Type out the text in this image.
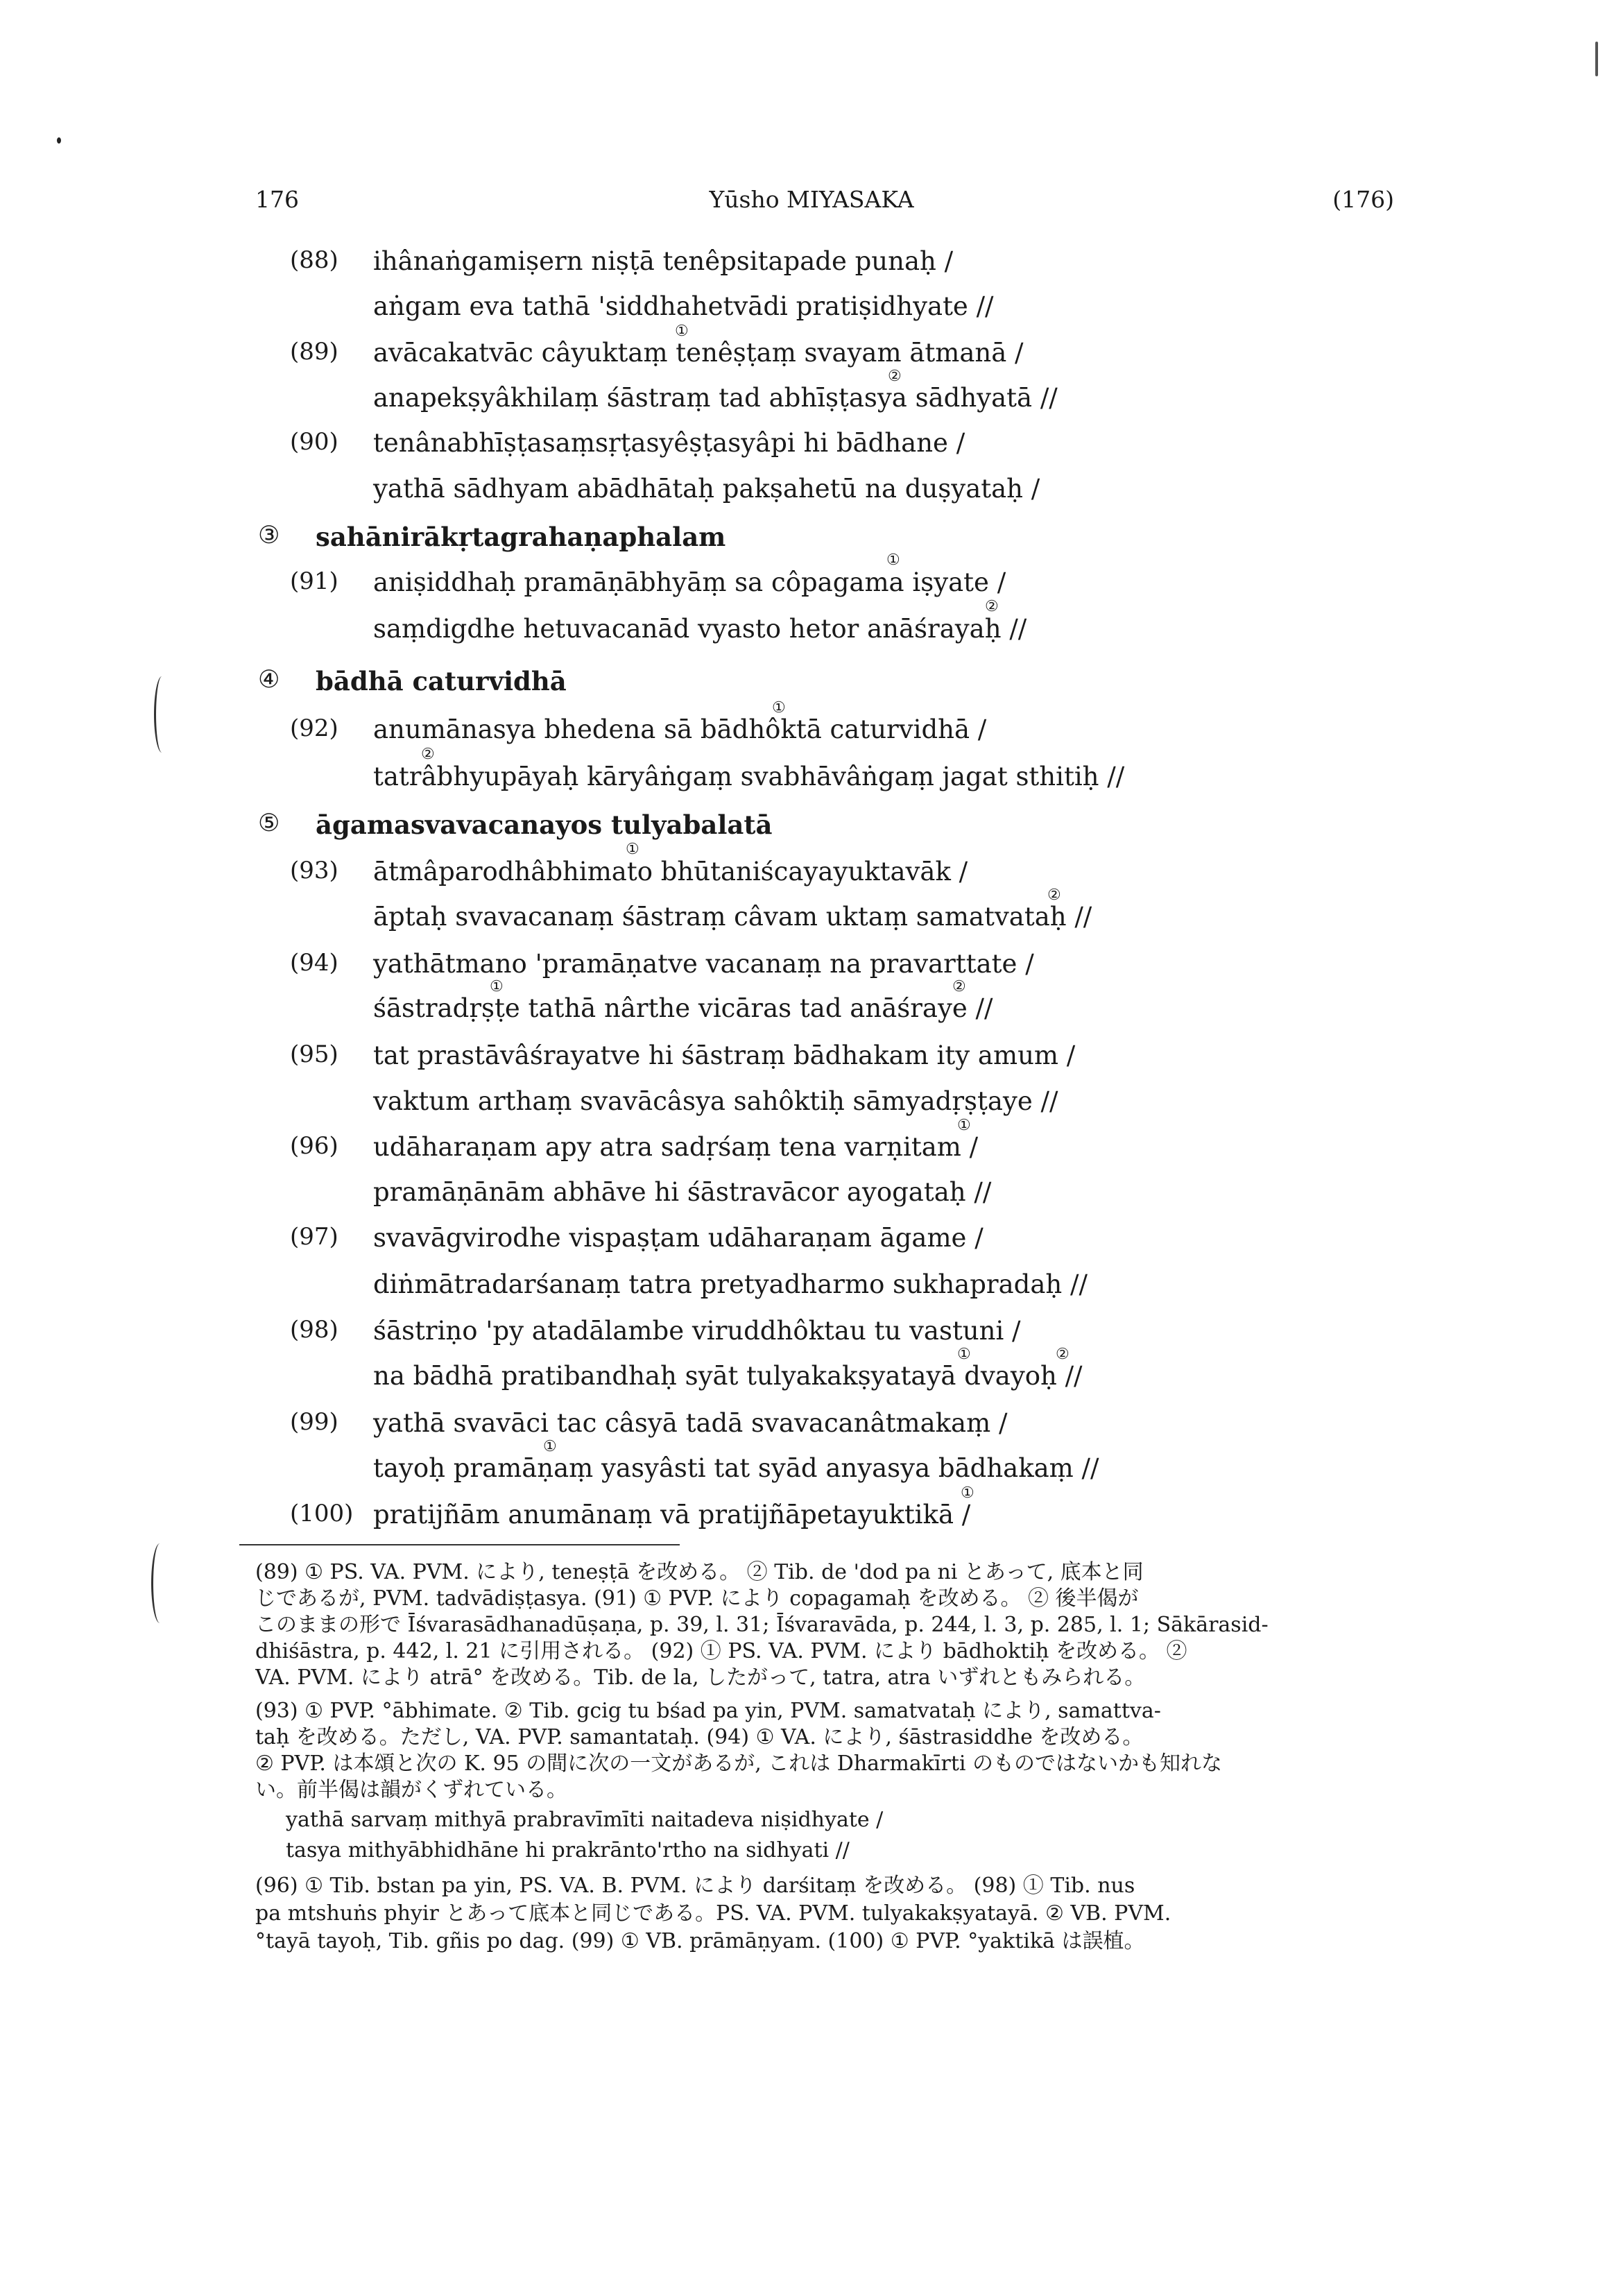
176	Yūsho MIYASAKA	(176)
(88) ihânaṅgamiṣern niṣṭā tenêpsitapade punaḥ /
aṅgam eva tathā 'siddhahetvādi pratiṣidhyate //
①
(89) avācakatvāc câyuktaṃ tenêṣṭaṃ svayam ātmanā /
②
anapekṣyâkhilaṃ śāstraṃ tad abhīṣṭasya sādhyatā //
(90) tenânabhīṣṭasaṃsṛṭasyêṣṭasyâpi hi bādhane /
yathā sādhyam abādhātaḥ pakṣahetū na duṣyataḥ /
③ sahānirākṛtagrahaṇaphalam
①
(91) aniṣiddhaḥ pramāṇābhyāṃ sa côpagama iṣyate /
②
saṃdigdhe hetuvacanād vyasto hetor anāśrayaḥ //
④ bādhā caturvidhā
①
(92) anumānasya bhedena sā bādhôktā caturvidhā /
②
tatrâbhyupāyaḥ kāryâṅgaṃ svabhāvâṅgaṃ jagat sthitiḥ //
⑤ āgamasvavacanayos tulyabalatā
①
(93) ātmâparodhâbhimato bhūtaniścayayuktavāk /
②
āptaḥ svavacanaṃ śāstraṃ câvam uktaṃ samatvataḥ //
(94) yathātmano 'pramāṇatve vacanaṃ na pravarttate /
①	②
śāstradṛṣṭe tathā nârthe vicāras tad anāśraye //
(95) tat prastāvâśrayatve hi śāstraṃ bādhakam ity amum /
vaktum arthaṃ svavācâsya sahôktiḥ sāmyadṛṣṭaye //
①
(96) udāharaṇam apy atra sadṛśaṃ tena varṇitam /
pramāṇānām abhāve hi śāstravācor ayogataḥ //
(97) svavāgvirodhe vispaṣṭam udāharaṇam āgame /
diṅmātradarśanaṃ tatra pretyadharmo sukhapradaḥ //
(98) śāstriṇo 'py atadālambe viruddhôktau tu vastuni /
①	②
na bādhā pratibandhaḥ syāt tulyakakṣyatayā dvayoḥ //
(99) yathā svavāci tac câsyā tadā svavacanâtmakaṃ /
①
tayoḥ pramāṇaṃ yasyâsti tat syād anyasya bādhakaṃ //
①
(100) pratijñām anumānaṃ vā pratijñāpetayuktikā /
(89) ① PS. VA. PVM. により, teneṣṭā を改める。 ② Tib. de 'dod pa ni とあって, 底本と同
じであるが, PVM. tadvādiṣṭasya. (91) ① PVP. により copagamaḥ を改める。 ② 後半偈が
このままの形で Īśvarasādhanadūṣaṇa, p. 39, l. 31; Īśvaravāda, p. 244, l. 3, p. 285, l. 1; Sākārasid-
dhiśāstra, p. 442, l. 21 に引用される。 (92) ① PS. VA. PVM. により bādhoktiḥ を改める。 ②
VA. PVM. により atrā° を改める。Tib. de la, したがって, tatra, atra いずれともみられる。
(93) ① PVP. °ābhimate. ② Tib. gcig tu bśad pa yin, PVM. samatvataḥ により, samattva-
taḥ を改める。ただし, VA. PVP. samantataḥ. (94) ① VA. により, śāstrasiddhe を改める。
② PVP. は本頌と次の K. 95 の間に次の一文があるが, これは Dharmakīrti のものではないかも知れな
い。前半偈は韻がくずれている。
yathā sarvaṃ mithyā prabravīmīti naitadeva niṣidhyate /
tasya mithyābhidhāne hi prakrānto'rtho na sidhyati //
(96) ① Tib. bstan pa yin, PS. VA. B. PVM. により darśitaṃ を改める。 (98) ① Tib. nus
pa mtshuṅs phyir とあって底本と同じである。PS. VA. PVM. tulyakakṣyatayā. ② VB. PVM.
°tayā tayoḥ, Tib. gñis po dag. (99) ① VB. prāmāṇyam. (100) ① PVP. °yaktikā は誤植。
